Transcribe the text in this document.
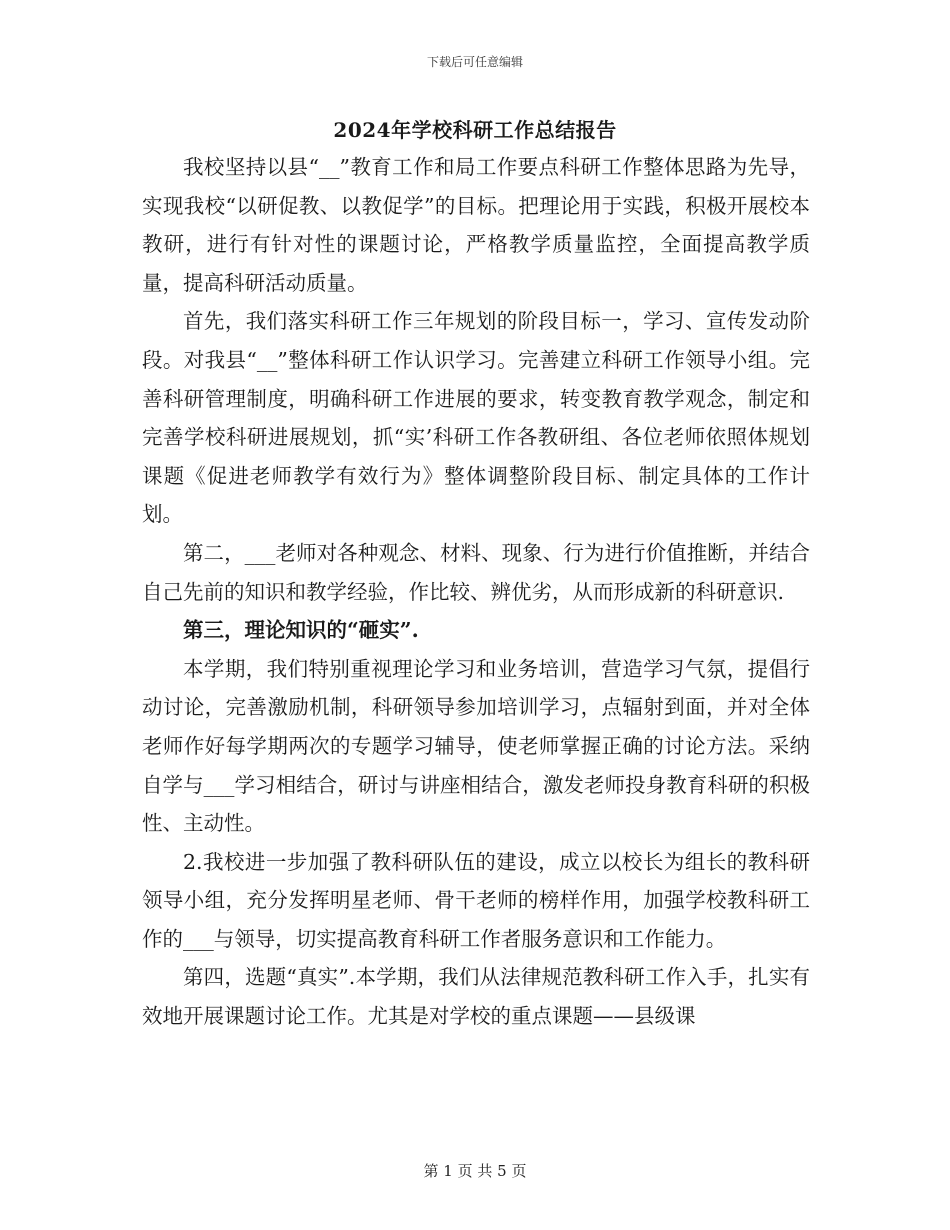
下载后可任意编辑
2024年学校科研工作总结报告

我校坚持以县“__”教育工作和局工作要点科研工作整体思路为先导，实现我校“以研促教、以教促学”的目标。把理论用于实践，积极开展校本教研，进行有针对性的课题讨论，严格教学质量监控，全面提高教学质量，提高科研活动质量。

首先，我们落实科研工作三年规划的阶段目标一，学习、宣传发动阶段。对我县“__”整体科研工作认识学习。完善建立科研工作领导小组。完善科研管理制度，明确科研工作进展的要求，转变教育教学观念，制定和完善学校科研进展规划，抓“实’科研工作各教研组、各位老师依照体规划课题《促进老师教学有效行为》整体调整阶段目标、制定具体的工作计划。

第二，___老师对各种观念、材料、现象、行为进行价值推断，并结合自己先前的知识和教学经验，作比较、辨优劣，从而形成新的科研意识.

第三，理论知识的“砸实”.

本学期，我们特别重视理论学习和业务培训，营造学习气氛，提倡行动讨论，完善激励机制，科研领导参加培训学习，点辐射到面，并对全体老师作好每学期两次的专题学习辅导，使老师掌握正确的讨论方法。采纳自学与___学习相结合，研讨与讲座相结合，激发老师投身教育科研的积极性、主动性。

2.我校进一步加强了教科研队伍的建设，成立以校长为组长的教科研领导小组，充分发挥明星老师、骨干老师的榜样作用，加强学校教科研工作的___与领导，切实提高教育科研工作者服务意识和工作能力。

第四，选题“真实”.本学期，我们从法律规范教科研工作入手，扎实有效地开展课题讨论工作。尤其是对学校的重点课题——县级课

第 1 页 共 5 页
